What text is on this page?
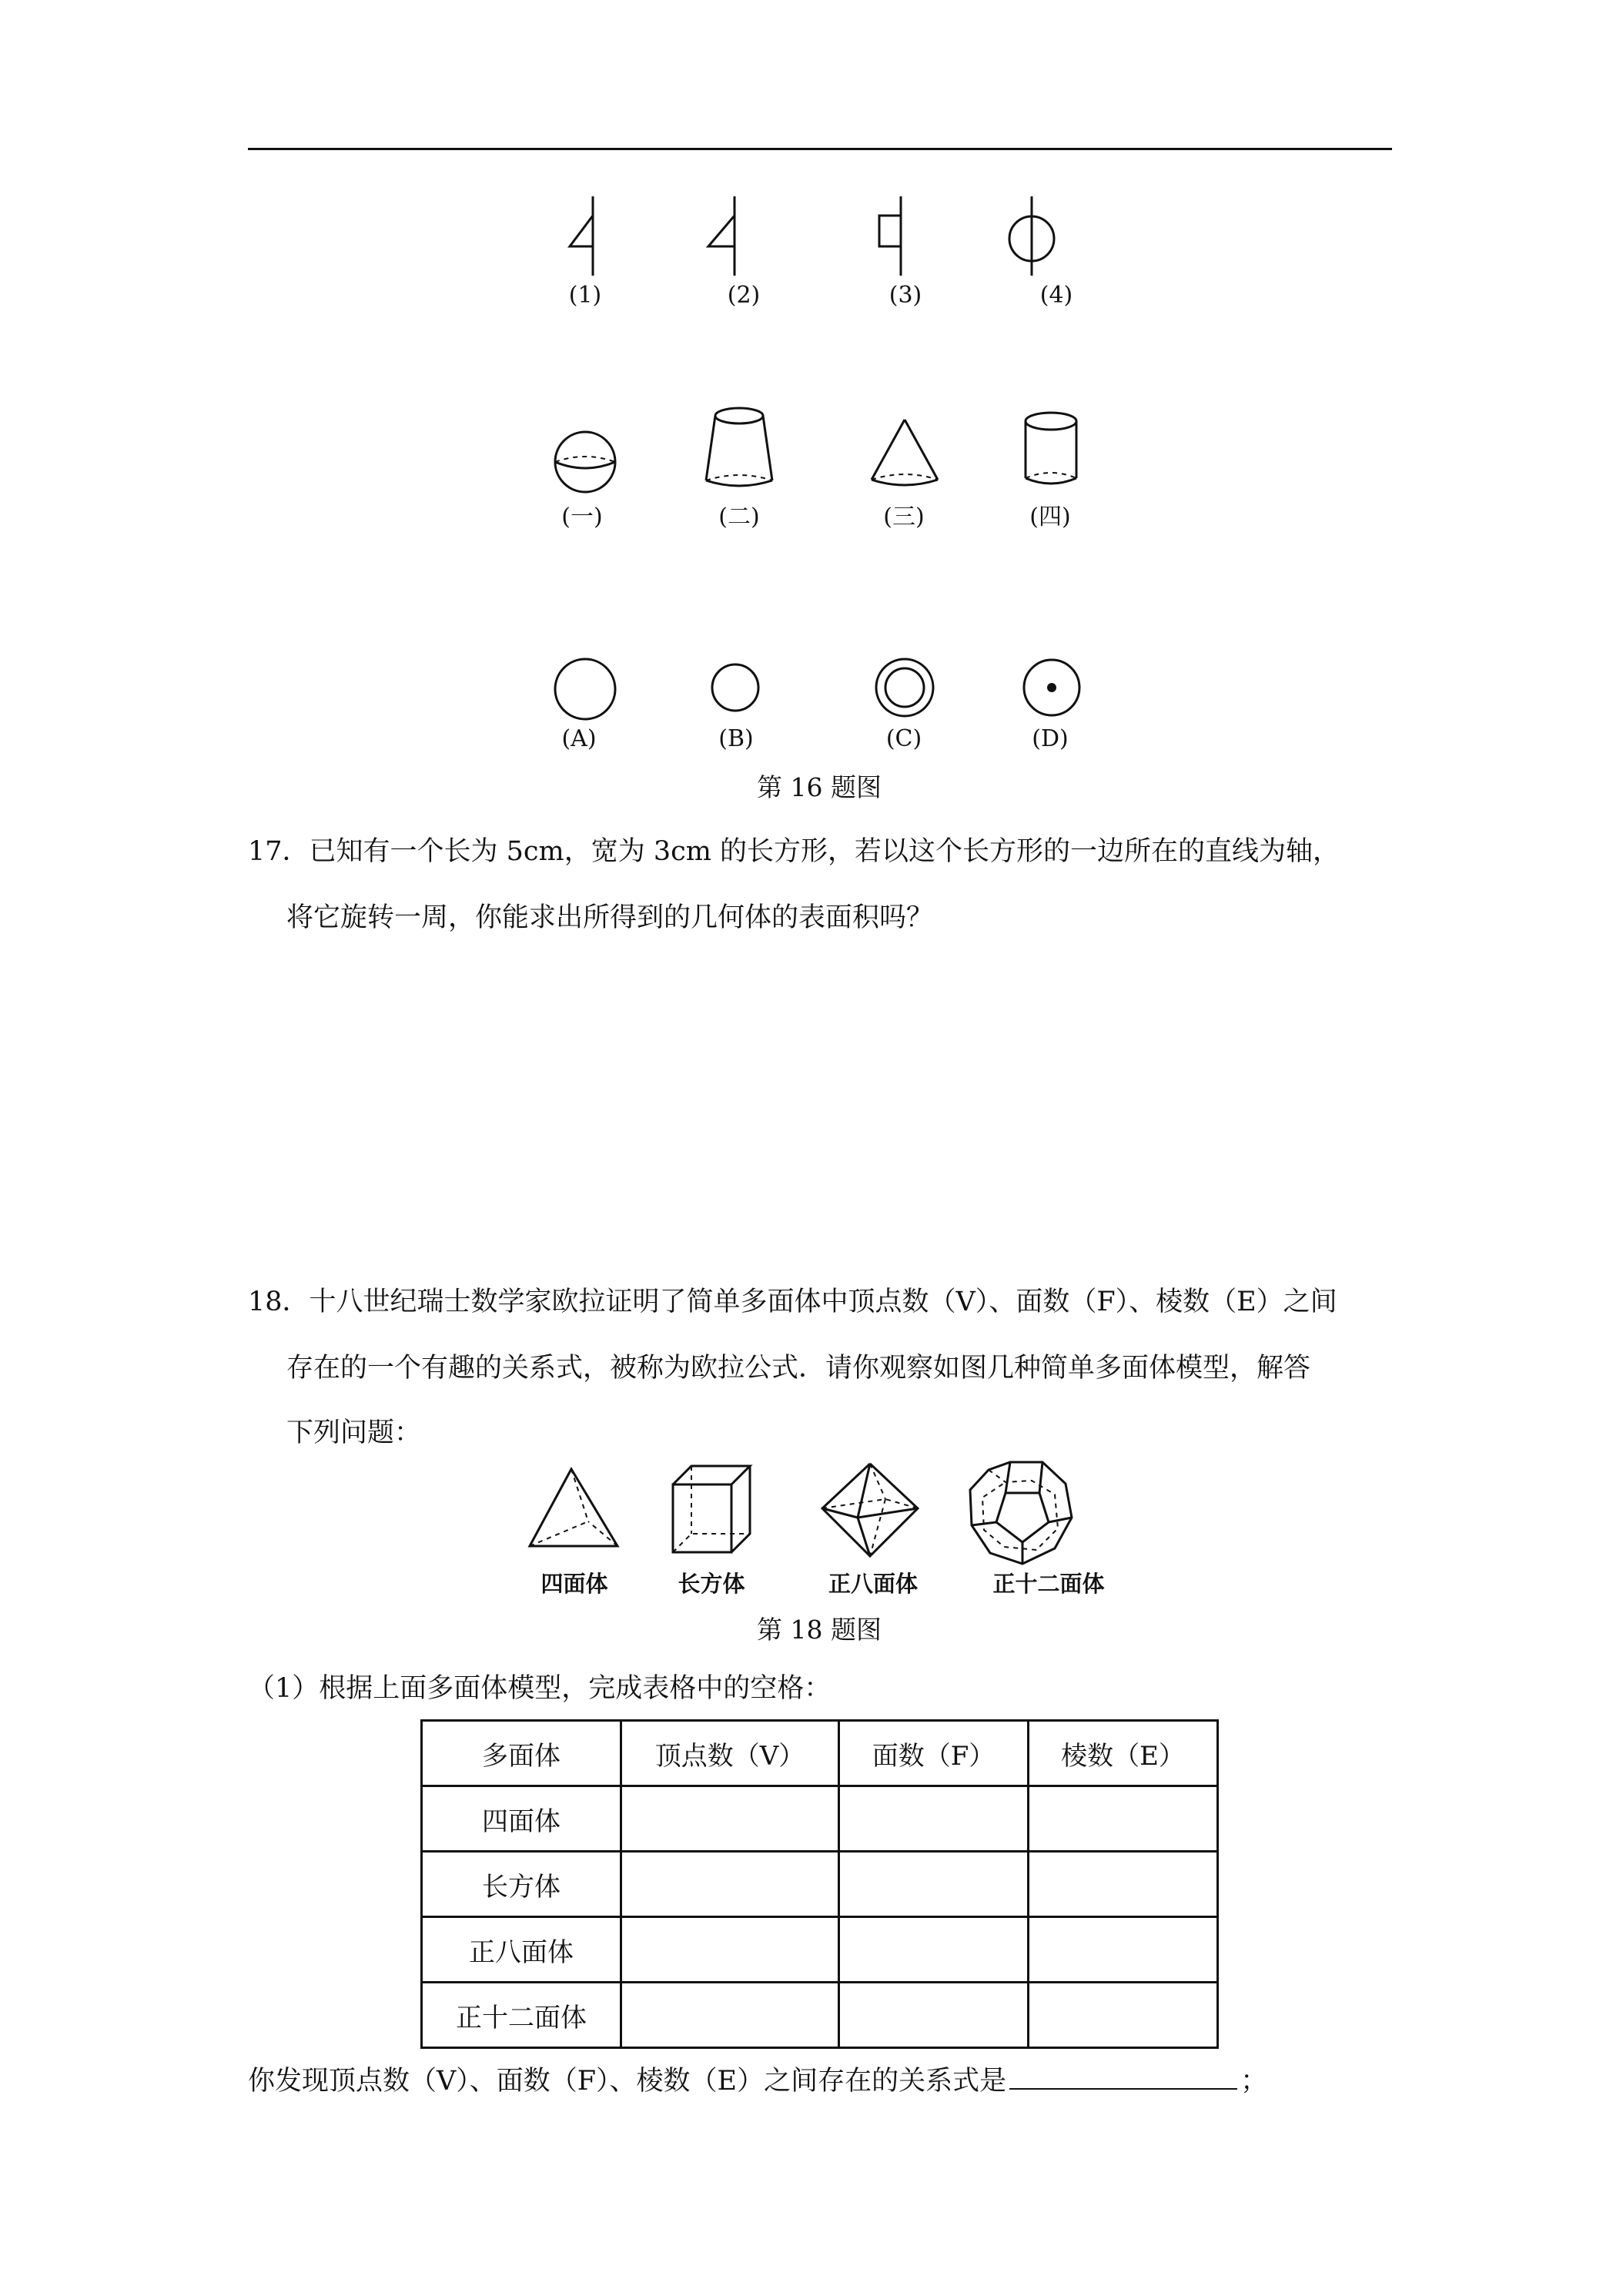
(1)	(2)	(3)	(4)
(一)	(二)	(三)	(四)
(A)	(B)	(C)	(D)
第 16 题图
17．已知有一个长为 5cm，宽为 3cm 的长方形，若以这个长方形的一边所在的直线为轴，
将它旋转一周，你能求出所得到的几何体的表面积吗？
18．十八世纪瑞士数学家欧拉证明了简单多面体中顶点数（V）、面数（F）、棱数（E）之间
存在的一个有趣的关系式，被称为欧拉公式．请你观察如图几种简单多面体模型，解答
下列问题：
四面体	长方体	正八面体	正十二面体
第 18 题图
（1）根据上面多面体模型，完成表格中的空格：
多面体	顶点数（V）	面数（F）	棱数（E）
四面体			
长方体			
正八面体			
正十二面体			
你发现顶点数（V）、面数（F）、棱数（E）之间存在的关系式是	；
